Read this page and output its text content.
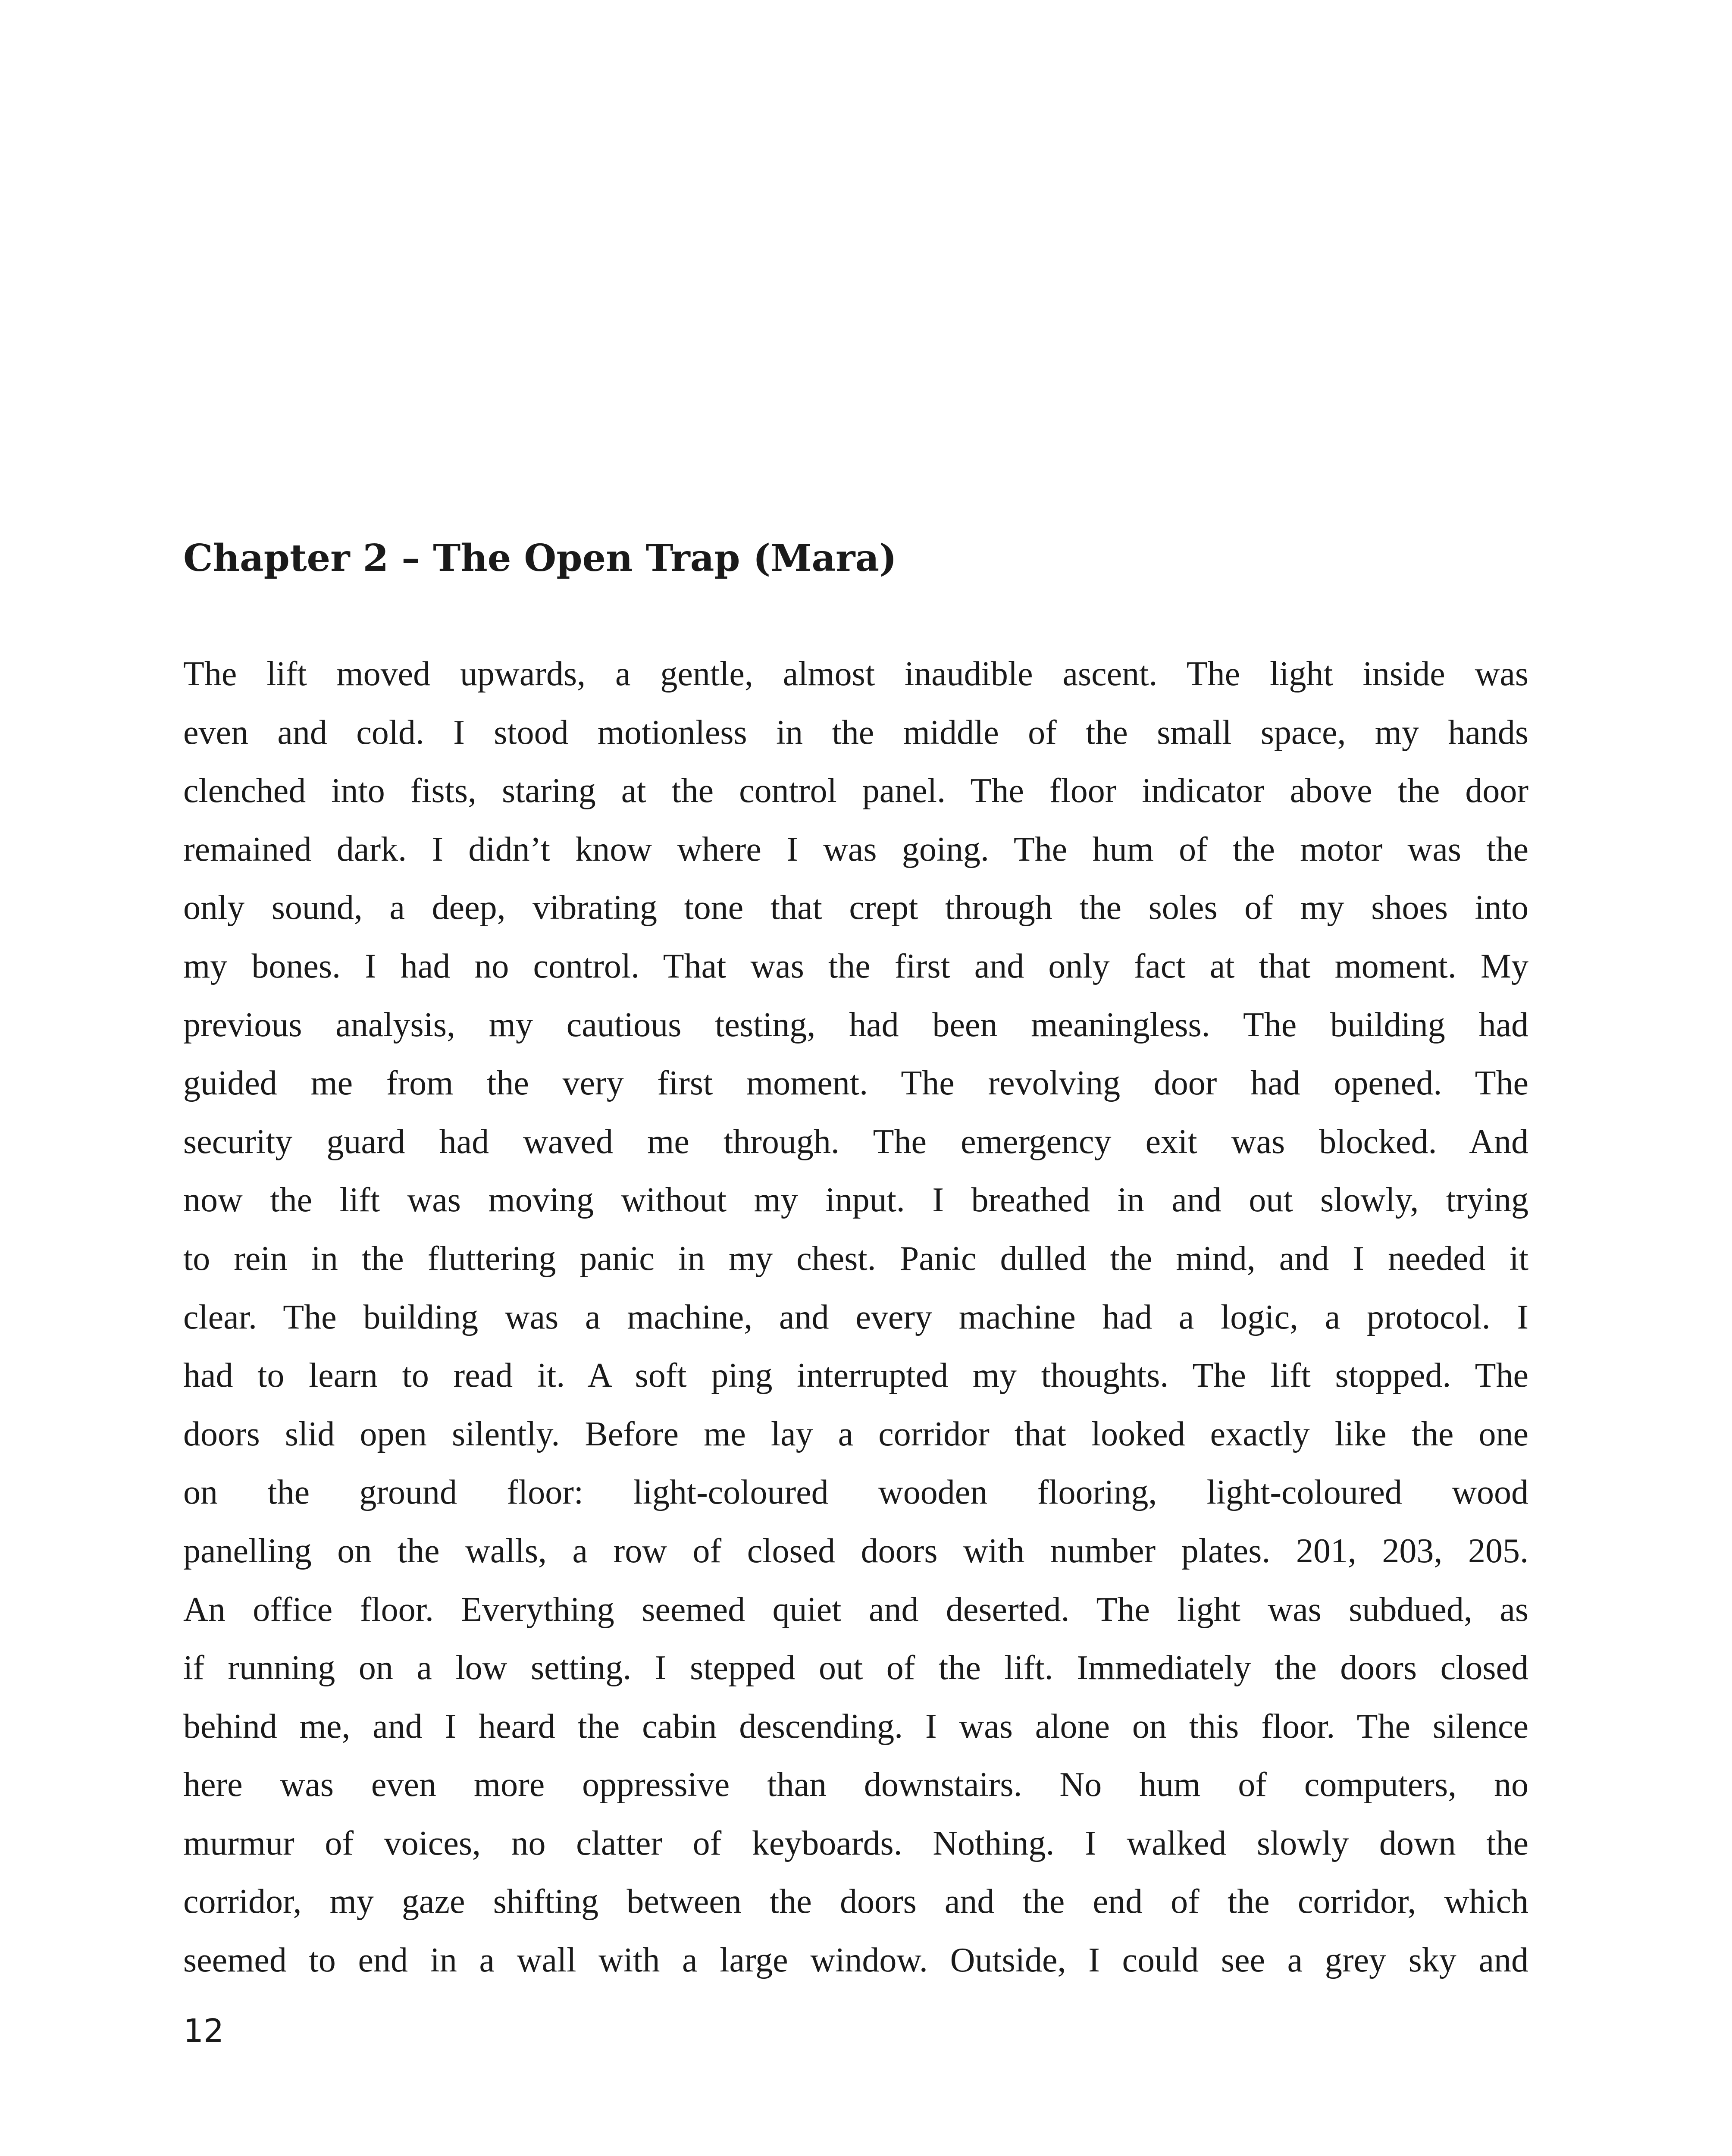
Chapter 2 – The Open Trap (Mara)
The lift moved upwards, a gentle, almost inaudible ascent. The light inside was
even and cold. I stood motionless in the middle of the small space, my hands
clenched into fists, staring at the control panel. The floor indicator above the door
remained dark. I didn’t know where I was going. The hum of the motor was the
only sound, a deep, vibrating tone that crept through the soles of my shoes into
my bones. I had no control. That was the first and only fact at that moment. My
previous analysis, my cautious testing, had been meaningless. The building had
guided me from the very first moment. The revolving door had opened. The
security guard had waved me through. The emergency exit was blocked. And
now the lift was moving without my input. I breathed in and out slowly, trying
to rein in the fluttering panic in my chest. Panic dulled the mind, and I needed it
clear. The building was a machine, and every machine had a logic, a protocol. I
had to learn to read it. A soft ping interrupted my thoughts. The lift stopped. The
doors slid open silently. Before me lay a corridor that looked exactly like the one
on the ground floor: light-coloured wooden flooring, light-coloured wood
panelling on the walls, a row of closed doors with number plates. 201, 203, 205.
An office floor. Everything seemed quiet and deserted. The light was subdued, as
if running on a low setting. I stepped out of the lift. Immediately the doors closed
behind me, and I heard the cabin descending. I was alone on this floor. The silence
here was even more oppressive than downstairs. No hum of computers, no
murmur of voices, no clatter of keyboards. Nothing. I walked slowly down the
corridor, my gaze shifting between the doors and the end of the corridor, which
seemed to end in a wall with a large window. Outside, I could see a grey sky and
12
